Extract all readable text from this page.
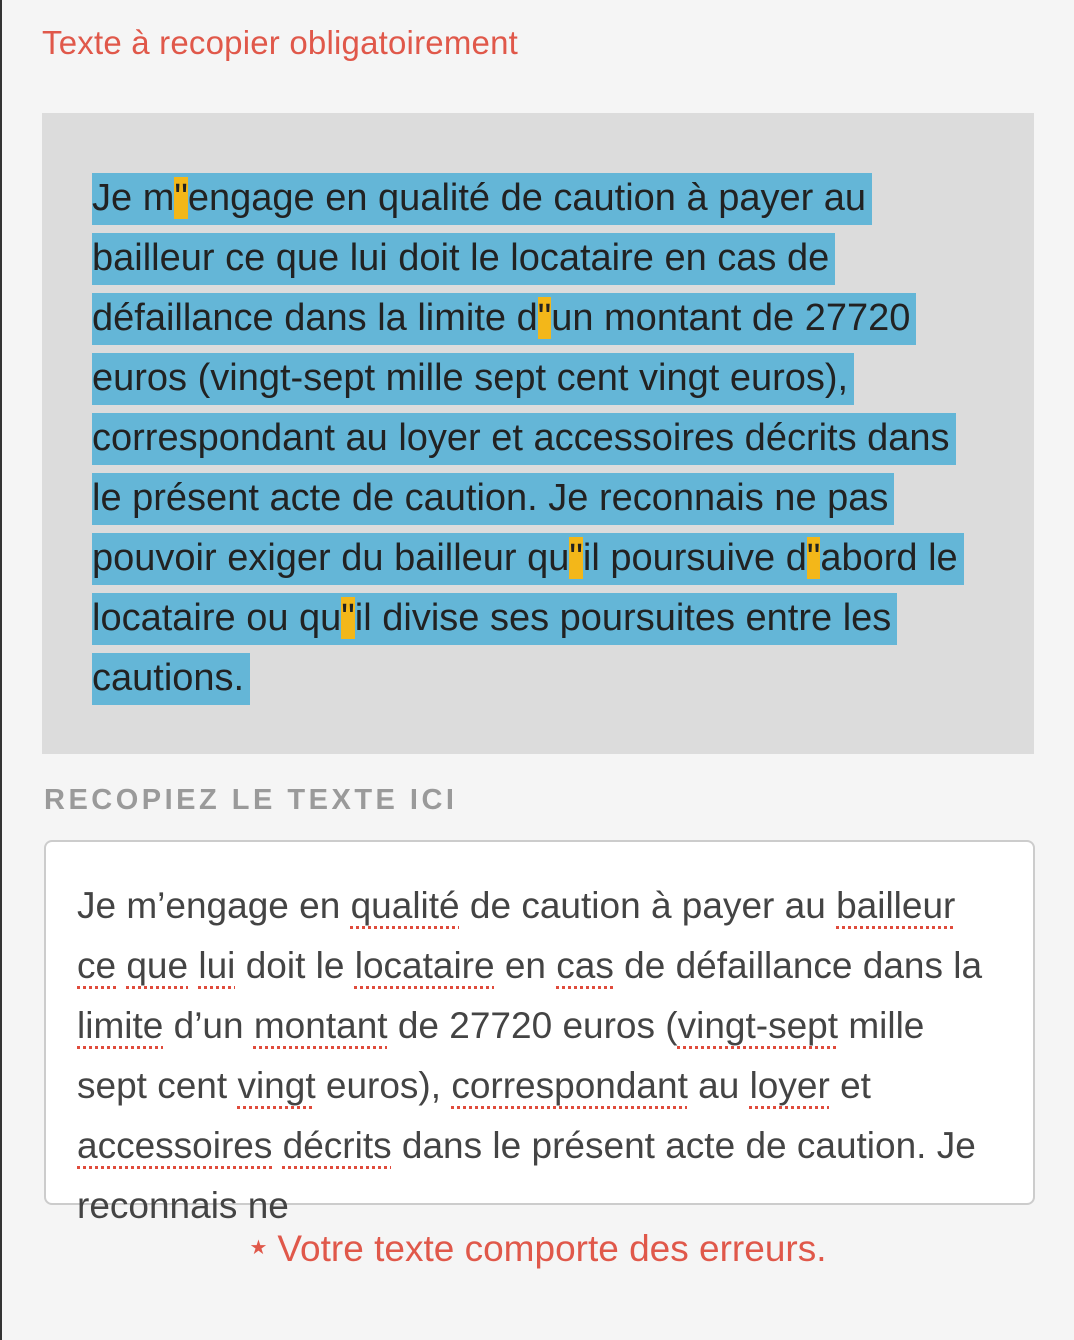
Texte à recopier obligatoirement

Je m"engage en qualité de caution à payer au bailleur ce que lui doit le locataire en cas de défaillance dans la limite d"un montant de 27720 euros (vingt-sept mille sept cent vingt euros), correspondant au loyer et accessoires décrits dans le présent acte de caution. Je reconnais ne pas pouvoir exiger du bailleur qu"il poursuive d"abord le locataire ou qu"il divise ses poursuites entre les cautions.

RECOPIEZ LE TEXTE ICI
Je m’engage en qualité de caution à payer au bailleur ce que lui doit le locataire en cas de défaillance dans la limite d’un montant de 27720 euros (vingt-sept mille sept cent vingt euros), correspondant au loyer et accessoires décrits dans le présent acte de caution. Je reconnais ne
★ Votre texte comporte des erreurs.
